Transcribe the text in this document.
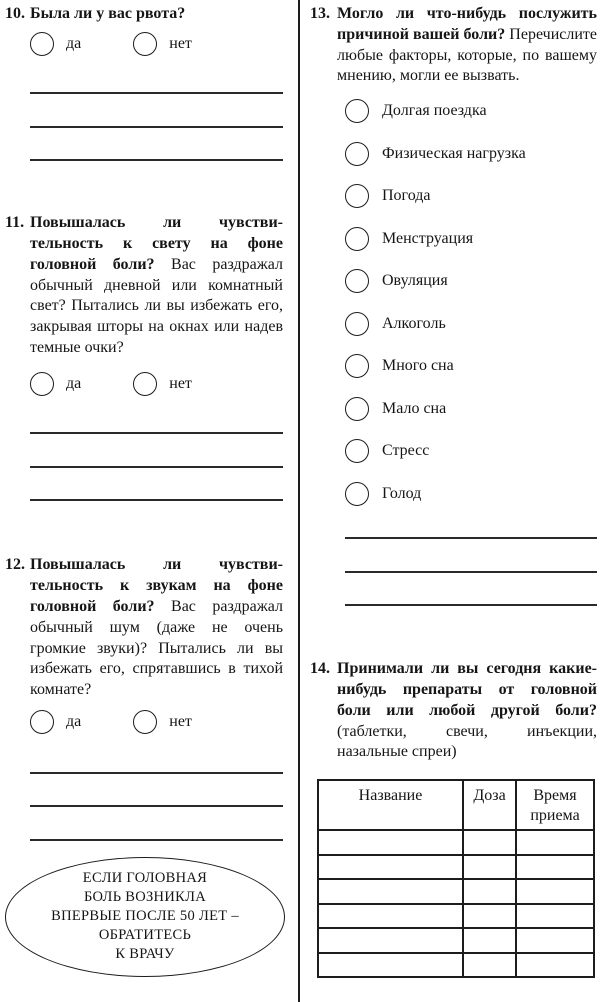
10. Была ли у вас рвота?
да	нет
11. Повышалась ли чувствительность к свету на фоне головной боли? Вас раздражал обычный дневной или комнатный свет? Пытались ли вы избежать его, закрывая шторы на окнах или надев темные очки?
да	нет
12. Повышалась ли чувствительность к звукам на фоне головной боли? Вас раздражал обычный шум (даже не очень громкие звуки)? Пытались ли вы избежать его, спрятавшись в тихой комнате?
да	нет
ЕСЛИ ГОЛОВНАЯ
БОЛЬ ВОЗНИКЛА
ВПЕРВЫЕ ПОСЛЕ 50 ЛЕТ –
ОБРАТИТЕСЬ
К ВРАЧУ
13. Могло ли что-нибудь послужить причиной вашей боли? Перечислите любые факторы, которые, по вашему мнению, могли ее вызвать.
Долгая поездка
Физическая нагрузка
Погода
Менструация
Овуляция
Алкоголь
Много сна
Мало сна
Стресс
Голод
14. Принимали ли вы сегодня какие-нибудь препараты от головной боли или любой другой боли? (таблетки, свечи, инъекции, назальные спреи)
Название	Доза	Время приема
